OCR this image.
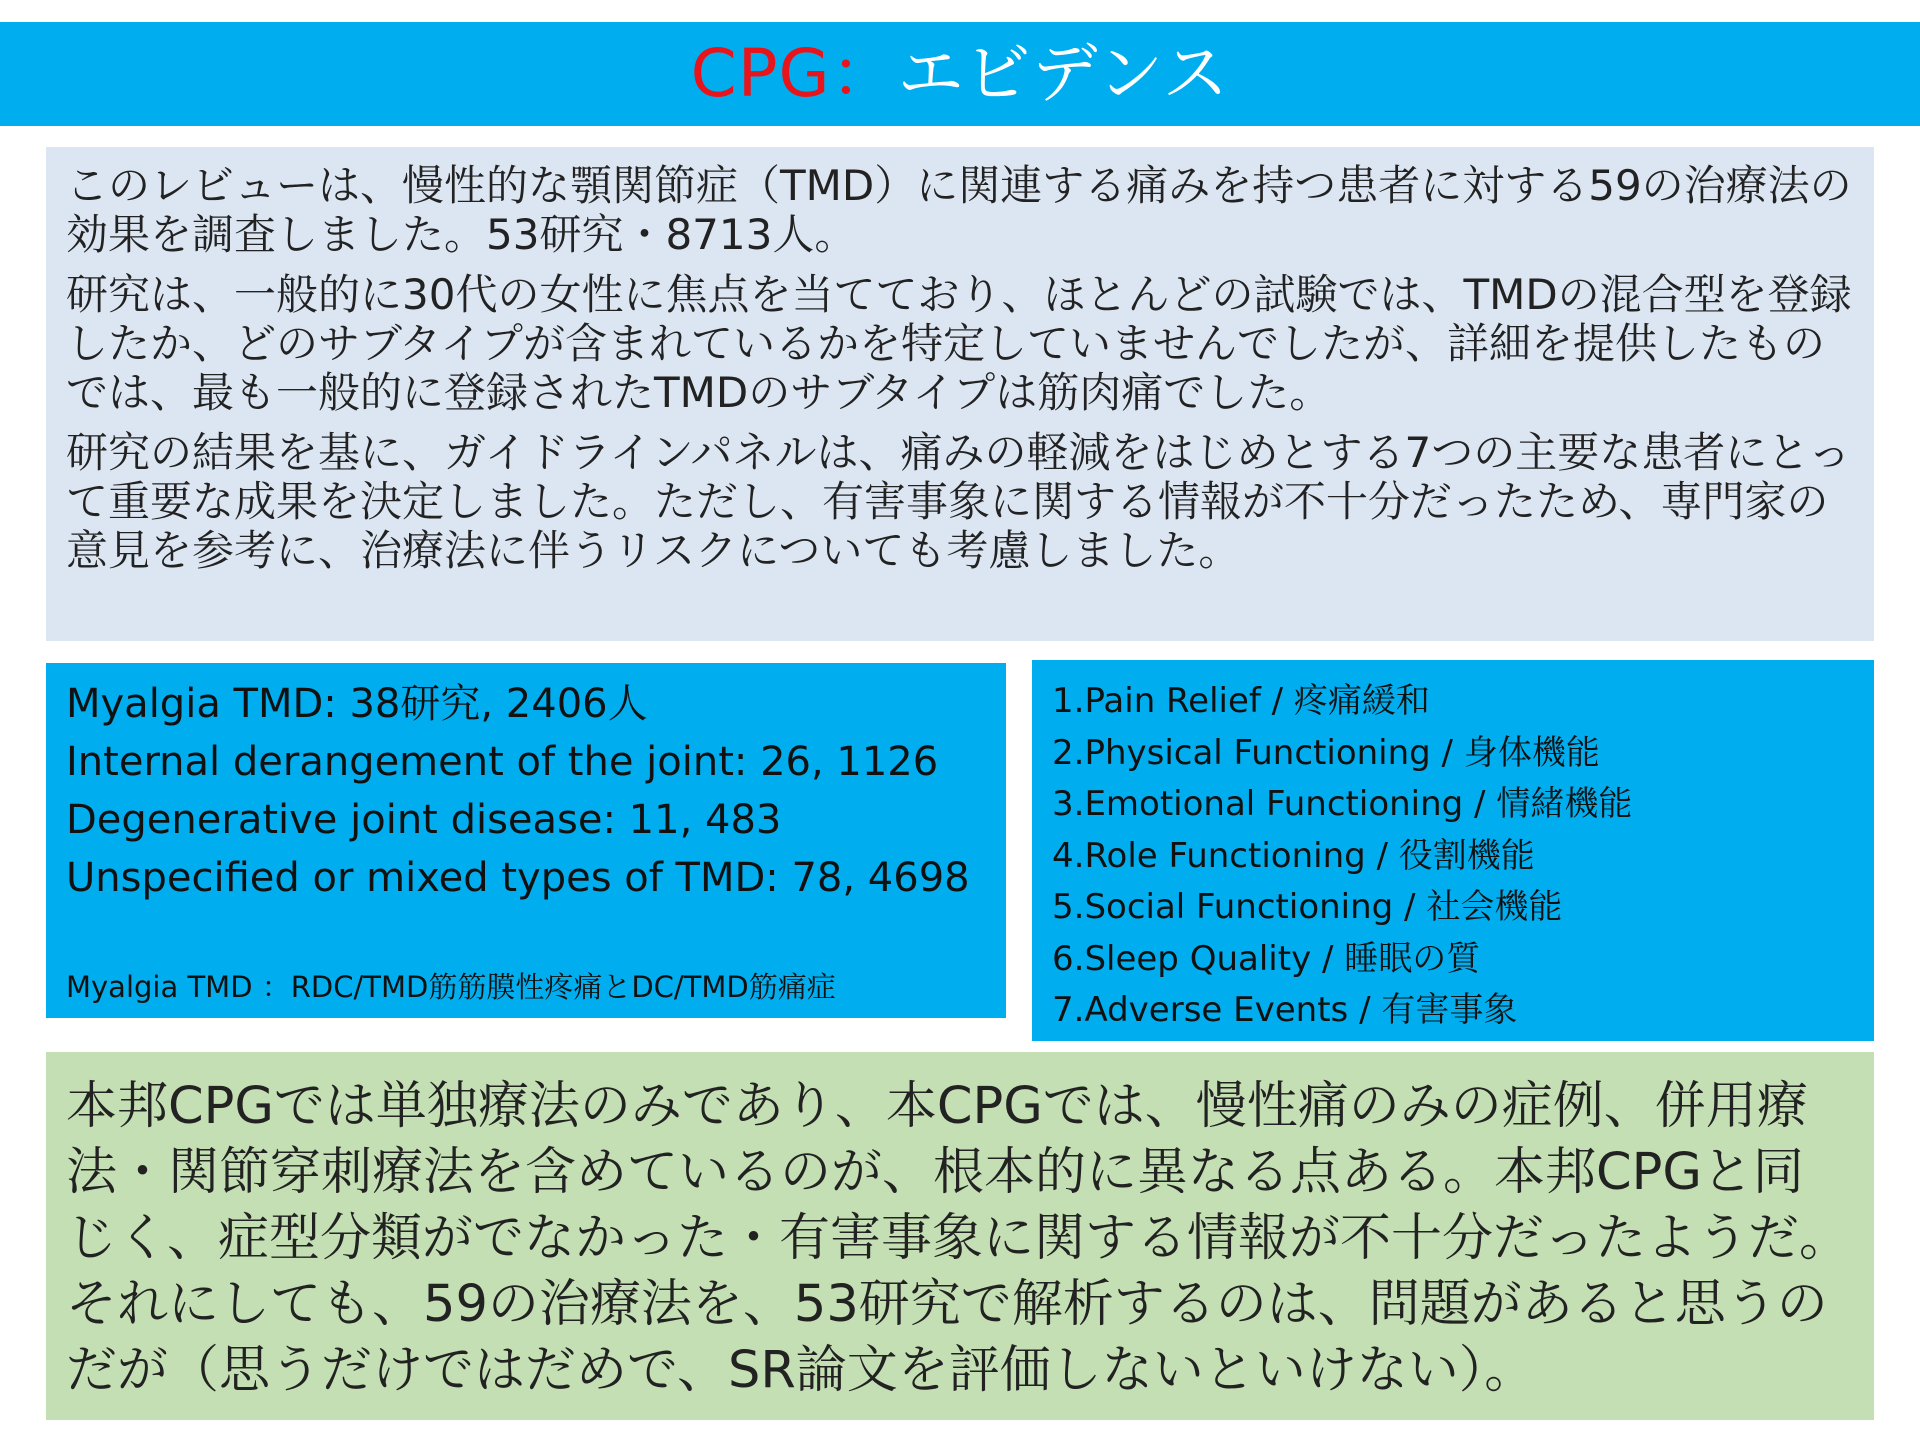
CPG：エビデンス

このレビューは、慢性的な顎関節症（TMD）に関連する痛みを持つ患者に対する59の治療法の効果を調査しました。53研究・8713人。

研究は、一般的に30代の女性に焦点を当てており、ほとんどの試験では、TMDの混合型を登録したか、どのサブタイプが含まれているかを特定していませんでしたが、詳細を提供したものでは、最も一般的に登録されたTMDのサブタイプは筋肉痛でした。

研究の結果を基に、ガイドラインパネルは、痛みの軽減をはじめとする7つの主要な患者にとって重要な成果を決定しました。ただし、有害事象に関する情報が不十分だったため、専門家の意見を参考に、治療法に伴うリスクについても考慮しました。

Myalgia TMD: 38研究, 2406人
Internal derangement of the joint: 26, 1126
Degenerative joint disease: 11, 483
Unspecified or mixed types of TMD: 78, 4698
Myalgia TMD ：RDC/TMD筋筋膜性疼痛とDC/TMD筋痛症
1.Pain Relief / 疼痛緩和
2.Physical Functioning / 身体機能
3.Emotional Functioning / 情緒機能
4.Role Functioning / 役割機能
5.Social Functioning / 社会機能
6.Sleep Quality / 睡眠の質
7.Adverse Events / 有害事象

本邦CPGでは単独療法のみであり、本CPGでは、慢性痛のみの症例、併用療法・関節穿刺療法を含めているのが、根本的に異なる点ある。本邦CPGと同じく、症型分類がでなかった・有害事象に関する情報が不十分だったようだ。それにしても、59の治療法を、53研究で解析するのは、問題があると思うのだが（思うだけではだめで、SR論文を評価しないといけない）。
